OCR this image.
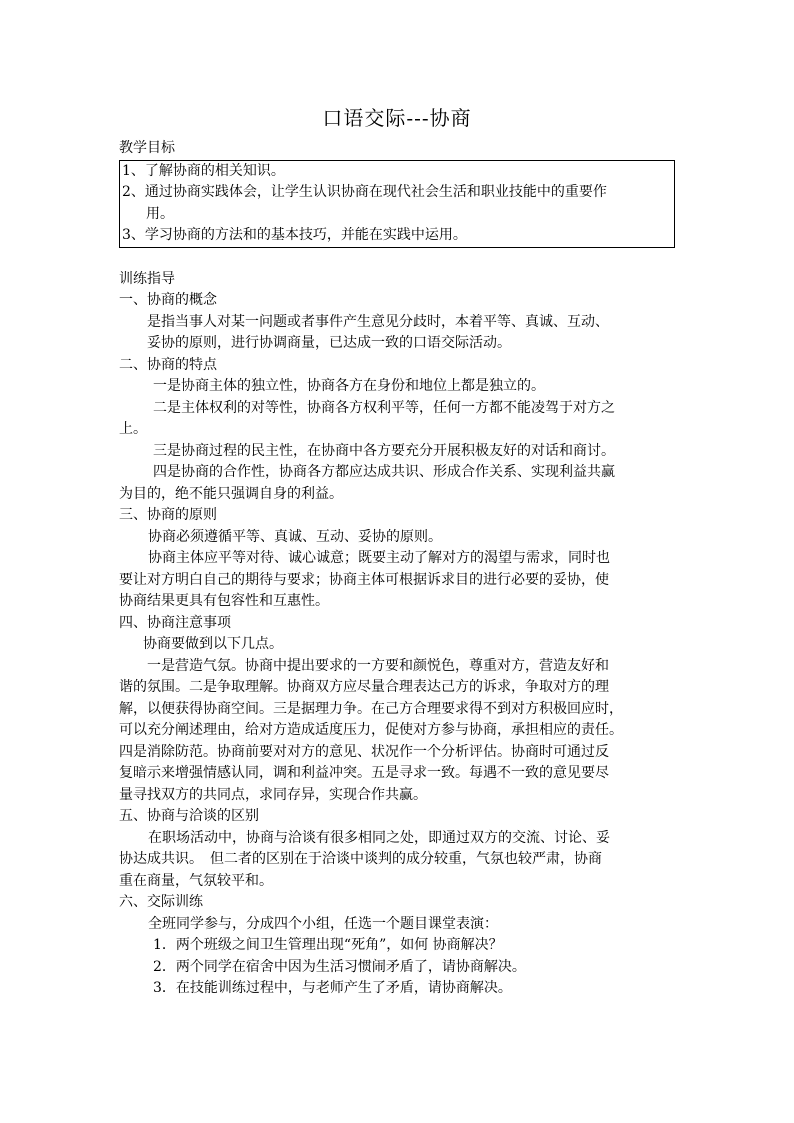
口语交际---协商
教学目标
1、了解协商的相关知识。
2、通过协商实践体会，让学生认识协商在现代社会生活和职业技能中的重要作
用。
3、学习协商的方法和的基本技巧，并能在实践中运用。
训练指导
一、协商的概念
是指当事人对某一问题或者事件产生意见分歧时，本着平等、真诚、互动、
妥协的原则，进行协调商量，已达成一致的口语交际活动。
二、协商的特点
一是协商主体的独立性，协商各方在身份和地位上都是独立的。
二是主体权利的对等性，协商各方权利平等，任何一方都不能凌驾于对方之
上。
三是协商过程的民主性，在协商中各方要充分开展积极友好的对话和商讨。
四是协商的合作性，协商各方都应达成共识、形成合作关系、实现利益共赢
为目的，绝不能只强调自身的利益。
三、协商的原则
协商必须遵循平等、真诚、互动、妥协的原则。
协商主体应平等对待、诚心诚意；既要主动了解对方的渴望与需求，同时也
要让对方明白自己的期待与要求；协商主体可根据诉求目的进行必要的妥协，使
协商结果更具有包容性和互惠性。
四、协商注意事项
协商要做到以下几点。
一是营造气氛。协商中提出要求的一方要和颜悦色，尊重对方，营造友好和
谐的氛围。二是争取理解。协商双方应尽量合理表达己方的诉求，争取对方的理
解，以便获得协商空间。三是据理力争。在己方合理要求得不到对方积极回应时，
可以充分阐述理由，给对方造成适度压力，促使对方参与协商，承担相应的责任。
四是消除防范。协商前要对对方的意见、状况作一个分析评估。协商时可通过反
复暗示来增强情感认同，调和利益冲突。五是寻求一致。每遇不一致的意见要尽
量寻找双方的共同点，求同存异，实现合作共赢。
五、协商与洽谈的区别
在职场活动中，协商与洽谈有很多相同之处，即通过双方的交流、讨论、妥
协达成共识。　但二者的区别在于洽谈中谈判的成分较重，气氛也较严肃，协商
重在商量，气氛较平和。
六、交际训练
全班同学参与，分成四个小组，任选一个题目课堂表演：
1．两个班级之间卫生管理出现“死角”，如何 协商解决？
2．两个同学在宿舍中因为生活习惯闹矛盾了，请协商解决。
3．在技能训练过程中，与老师产生了矛盾，请协商解决。
